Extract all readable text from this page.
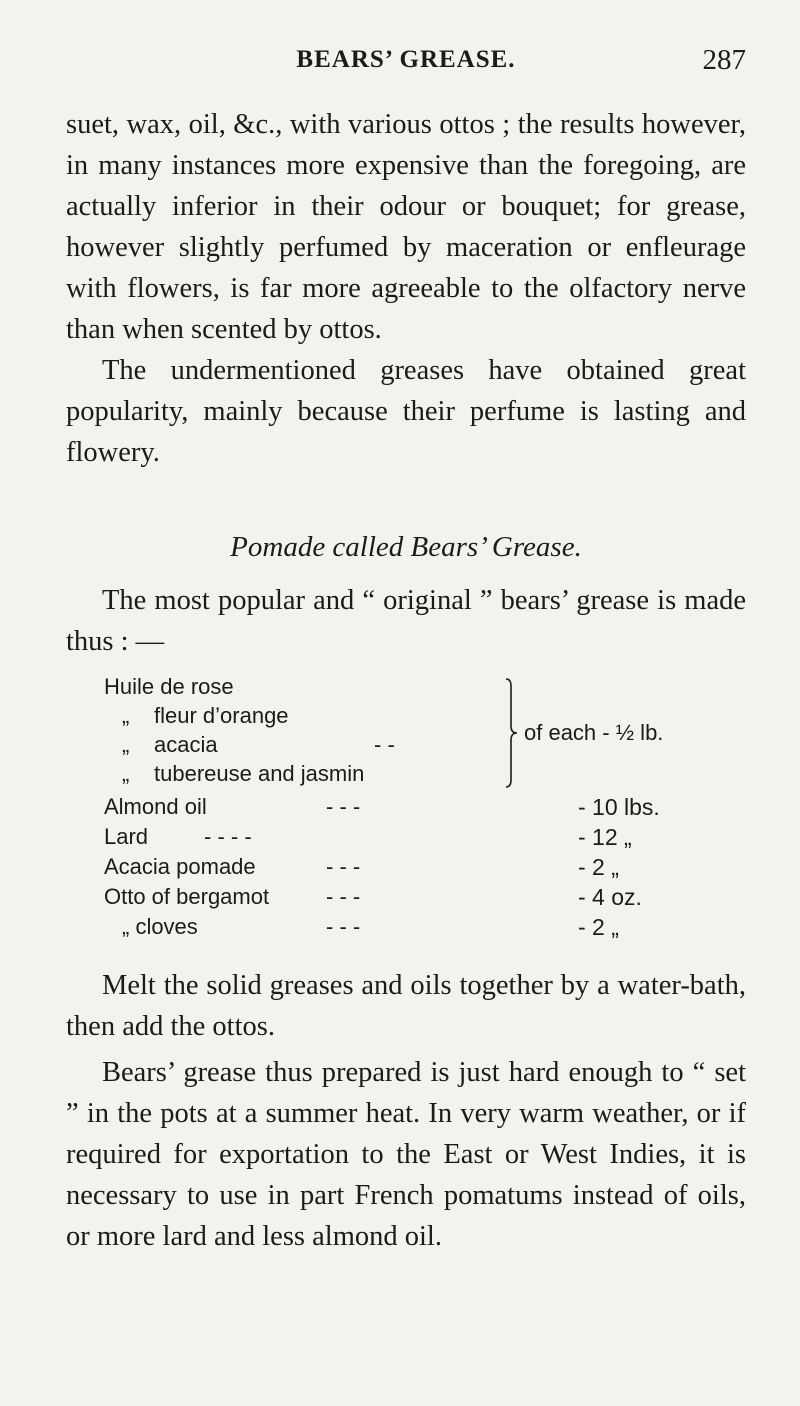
BEARS’ GREASE.	287

suet, wax, oil, &c., with various ottos ; the results however, in many instances more expensive than the foregoing, are actually inferior in their odour or bouquet; for grease, however slightly perfumed by maceration or enfleurage with flowers, is far more agreeable to the olfactory nerve than when scented by ottos.

The undermentioned greases have obtained great popularity, mainly because their perfume is lasting and flowery.

Pomade called Bears’ Grease.

The most popular and “ original ” bears’ grease is made thus : —

Huile de rose
„ fleur d’orange
„ acacia	- -
„ tubereuse and jasmin
of each - ½ lb.
Almond oil	- - -	- 10 lbs.
Lard	- - - -	- 12 „
Acacia pomade	- - -	- 2 „
Otto of bergamot	- - -	- 4 oz.
„ cloves	- - -	- 2 „

Melt the solid greases and oils together by a water-bath, then add the ottos.

Bears’ grease thus prepared is just hard enough to “ set ” in the pots at a summer heat. In very warm weather, or if required for exportation to the East or West Indies, it is necessary to use in part French pomatums instead of oils, or more lard and less almond oil.
